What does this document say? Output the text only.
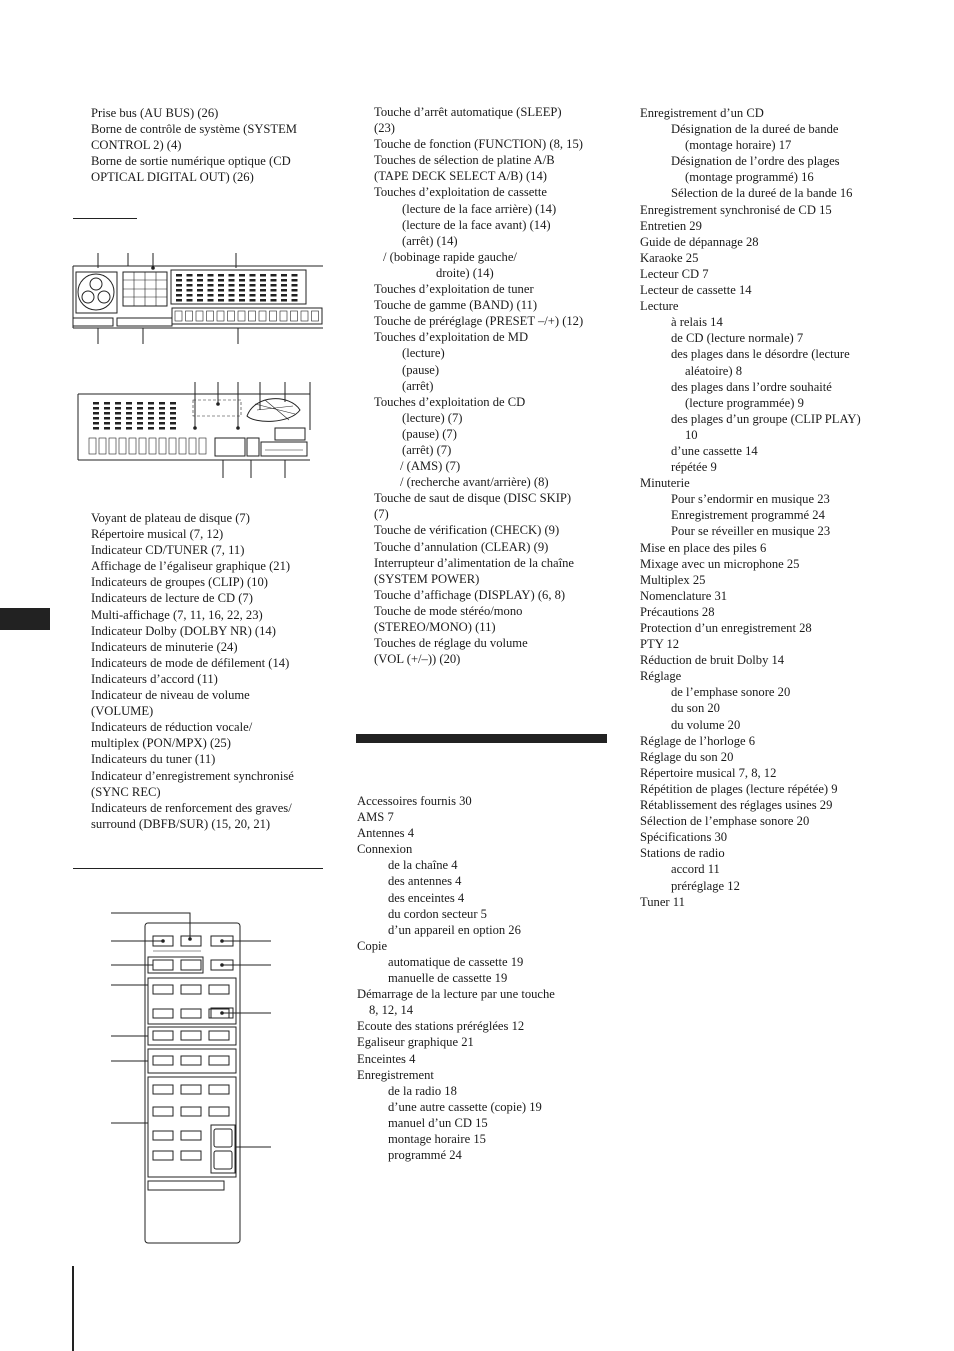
Prise bus (AU BUS) (26)
Borne de contrôle de système (SYSTEM
CONTROL 2) (4)
Borne de sortie numérique optique (CD
OPTICAL DIGITAL OUT) (26)
Voyant de plateau de disque (7)
Répertoire musical (7, 12)
Indicateur CD/TUNER (7, 11)
Affichage de l’égaliseur graphique (21)
Indicateurs de groupes (CLIP) (10)
Indicateurs de lecture de CD (7)
Multi-affichage (7, 11, 16, 22, 23)
Indicateur Dolby (DOLBY NR) (14)
Indicateurs de minuterie (24)
Indicateurs de mode de défilement (14)
Indicateurs d’accord (11)
Indicateur de niveau de volume
(VOLUME)
Indicateurs de réduction vocale/
multiplex (PON/MPX) (25)
Indicateurs du tuner (11)
Indicateur d’enregistrement synchronisé
(SYNC REC)
Indicateurs de renforcement des graves/
surround (DBFB/SUR) (15, 20, 21)
Touche d’arrêt automatique (SLEEP)
(23)
Touche de fonction (FUNCTION) (8, 15)
Touches de sélection de platine A/B
(TAPE DECK SELECT A/B) (14)
Touches d’exploitation de cassette
(lecture de la face arrière) (14)
(lecture de la face avant) (14)
(arrêt) (14)
/ (bobinage rapide gauche/
droite) (14)
Touches d’exploitation de tuner
Touche de gamme (BAND) (11)
Touche de préréglage (PRESET –/+) (12)
Touches d’exploitation de MD
(lecture)
(pause)
(arrêt)
Touches d’exploitation de CD
(lecture) (7)
(pause) (7)
(arrêt) (7)
/ (AMS) (7)
/ (recherche avant/arrière) (8)
Touche de saut de disque (DISC SKIP)
(7)
Touche de vérification (CHECK) (9)
Touche d’annulation (CLEAR) (9)
Interrupteur d’alimentation de la chaîne
(SYSTEM POWER)
Touche d’affichage (DISPLAY) (6, 8)
Touche de mode stéréo/mono
(STEREO/MONO) (11)
Touches de réglage du volume
(VOL (+/–)) (20)
Accessoires fournis 30
AMS 7
Antennes 4
Connexion
de la chaîne 4
des antennes 4
des enceintes 4
du cordon secteur 5
d’un appareil en option 26
Copie
automatique de cassette 19
manuelle de cassette 19
Démarrage de la lecture par une touche
8, 12, 14
Ecoute des stations préréglées 12
Egaliseur graphique 21
Enceintes 4
Enregistrement
de la radio 18
d’une autre cassette (copie) 19
manuel d’un CD 15
montage horaire 15
programmé 24
Enregistrement d’un CD
Désignation de la dureé de bande
(montage horaire) 17
Désignation de l’ordre des plages
(montage programmé) 16
Sélection de la dureé de la bande 16
Enregistrement synchronisé de CD 15
Entretien 29
Guide de dépannage 28
Karaoke 25
Lecteur CD 7
Lecteur de cassette 14
Lecture
à relais 14
de CD (lecture normale) 7
des plages dans le désordre (lecture
aléatoire) 8
des plages dans l’ordre souhaité
(lecture programmée) 9
des plages d’un groupe (CLIP PLAY)
10
d’une cassette 14
répétée 9
Minuterie
Pour s’endormir en musique 23
Enregistrement programmé 24
Pour se réveiller en musique 23
Mise en place des piles 6
Mixage avec un microphone 25
Multiplex 25
Nomenclature 31
Précautions 28
Protection d’un enregistrement 28
PTY 12
Réduction de bruit Dolby 14
Réglage
de l’emphase sonore 20
du son 20
du volume 20
Réglage de l’horloge 6
Réglage du son 20
Répertoire musical 7, 8, 12
Répétition de plages (lecture répétée) 9
Rétablissement des réglages usines 29
Sélection de l’emphase sonore 20
Spécifications 30
Stations de radio
accord 11
préréglage 12
Tuner 11
